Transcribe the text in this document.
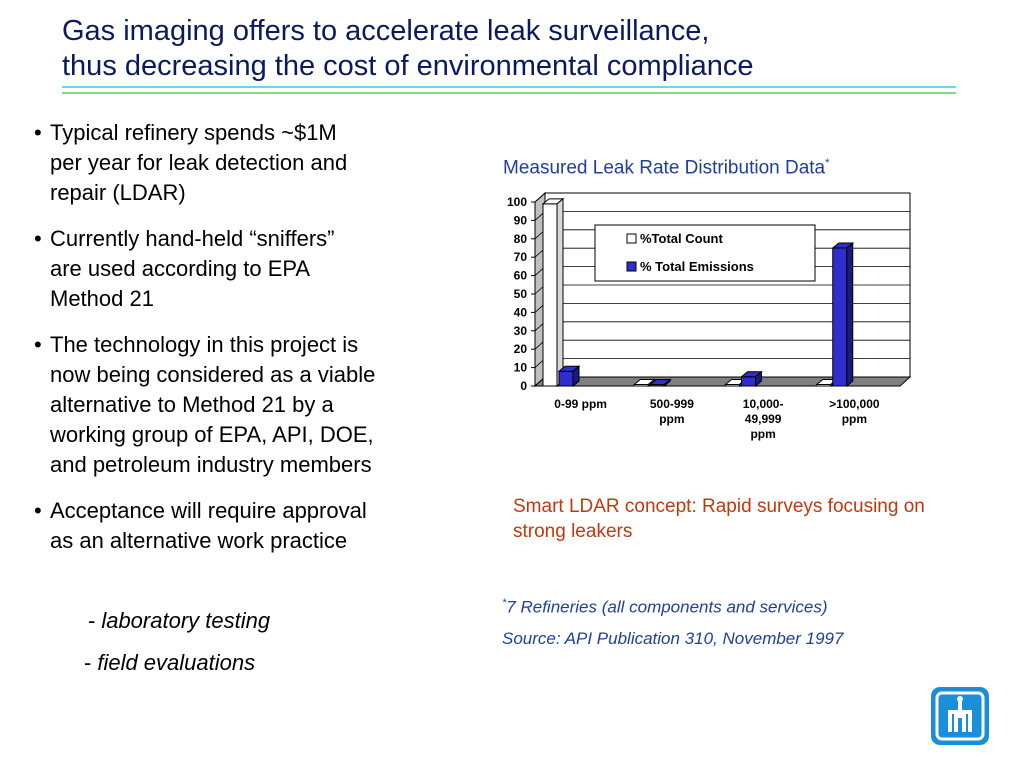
Gas imaging offers to accelerate leak surveillance,
thus decreasing the cost of environmental compliance
• Typical refinery spends ~$1M
per year for leak detection and
repair (LDAR)
• Currently hand-held “sniffers”
are used according to EPA
Method 21
• The technology in this project is
now being considered as a viable
alternative to Method 21 by a
working group of EPA, API, DOE,
and petroleum industry members
• Acceptance will require approval
as an alternative work practice
- laboratory testing
- field evaluations
Measured Leak Rate Distribution Data*
0
10
20
30
40
50
60
70
80
90
100
0-99 ppm	500-999
ppm
10,000-
49,999
ppm
>100,000
ppm
%Total Count
% Total Emissions
Smart LDAR concept: Rapid surveys focusing on strong leakers
*7 Refineries (all components and services)
Source: API Publication 310, November 1997
